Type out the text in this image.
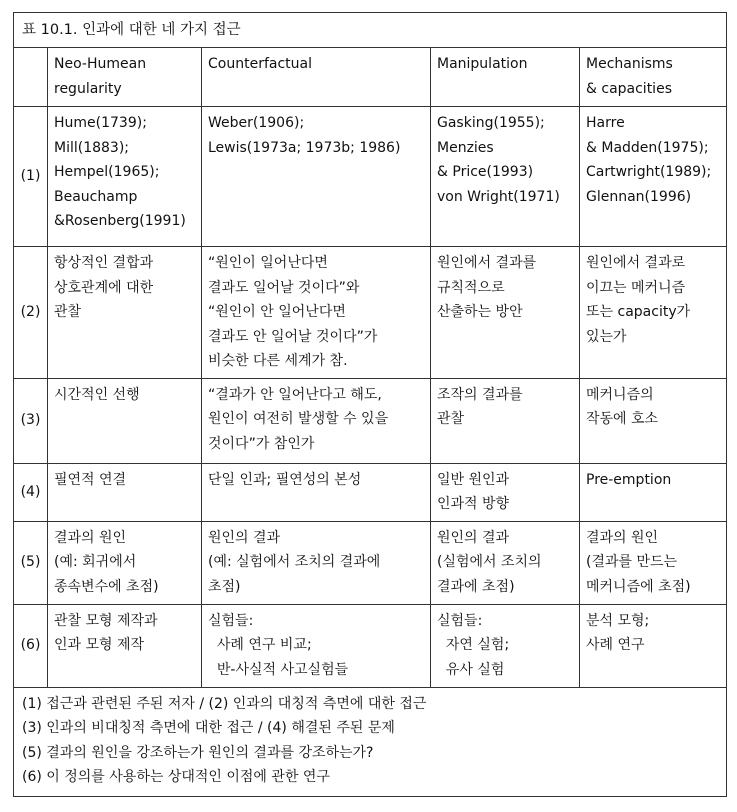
표 10.1. 인과에 대한 네 가지 접근				

	Neo-Humean
regularity	Counterfactual	Manipulation	Mechanisms
& capacities

(1)	Hume(1739);
Mill(1883);
Hempel(1965);
Beauchamp
&Rosenberg(1991)	Weber(1906);
Lewis(1973a; 1973b; 1986)	Gasking(1955);
Menzies
& Price(1993)
von Wright(1971)	Harre
& Madden(1975);
Cartwright(1989);
Glennan(1996)

(2)	항상적인 결합과
상호관계에 대한
관찰	“원인이 일어난다면
결과도 일어날 것이다”와
“원인이 안 일어난다면
결과도 안 일어날 것이다”가
비슷한 다른 세계가 참.	원인에서 결과를
규칙적으로
산출하는 방안	원인에서 결과로
이끄는 메커니즘
또는 capacity가
있는가

(3)	시간적인 선행	“결과가 안 일어난다고 해도,
원인이 여전히 발생할 수 있을
것이다”가 참인가	조작의 결과를
관찰	메커니즘의
작동에 호소

(4)	필연적 연결	단일 인과; 필연성의 본성	일반 원인과
인과적 방향	Pre-emption

(5)	결과의 원인
(예: 회귀에서
종속변수에 초점)	원인의 결과
(예: 실험에서 조치의 결과에
초점)	원인의 결과
(실험에서 조치의
결과에 초점)	결과의 원인
(결과를 만드는
메커니즘에 초점)

(6)	관찰 모형 제작과
인과 모형 제작	실험들:
사례 연구 비교;
반-사실적 사고실험들	실험들:
자연 실험;
유사 실험	분석 모형;
사례 연구

(1) 접근과 관련된 주된 저자 / (2) 인과의 대칭적 측면에 대한 접근
(3) 인과의 비대칭적 측면에 대한 접근 / (4) 해결된 주된 문제
(5) 결과의 원인을 강조하는가 원인의 결과를 강조하는가?
(6) 이 정의를 사용하는 상대적인 이점에 관한 연구				
